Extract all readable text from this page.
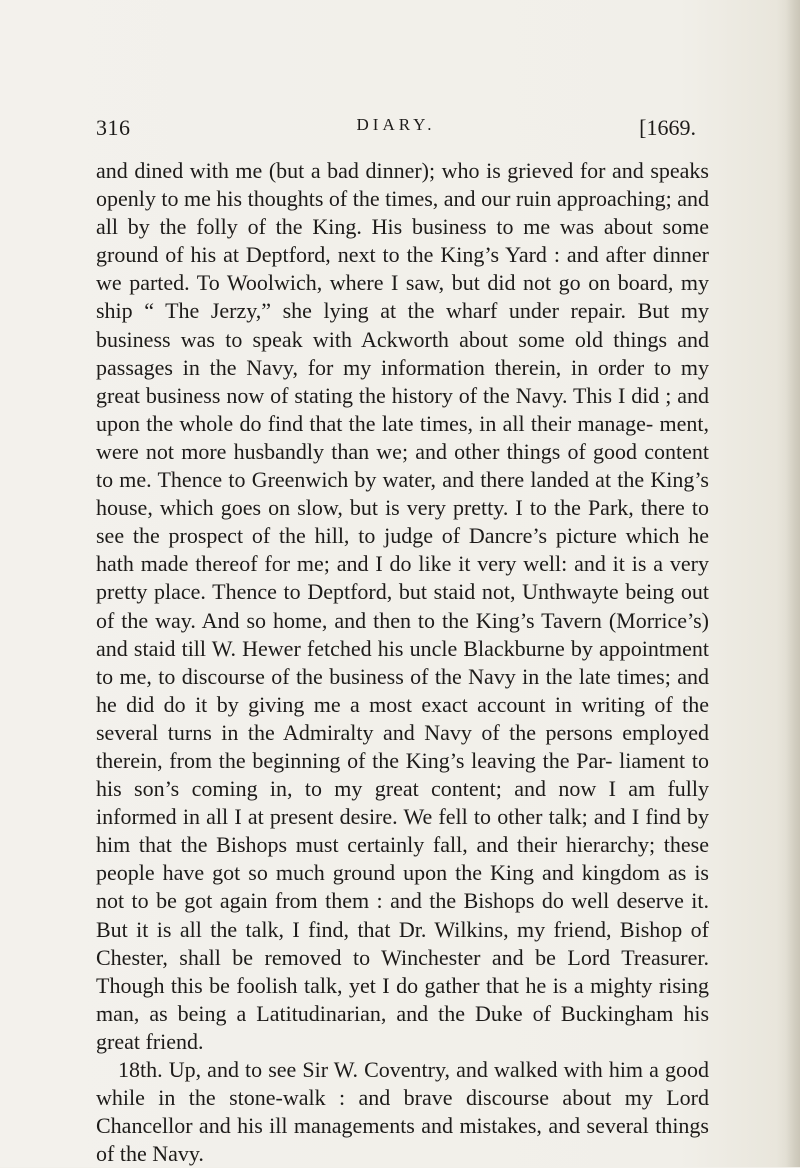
316	DIARY.	[1669.

and dined with me (but a bad dinner); who is grieved for and speaks openly to me his thoughts of the times, and our ruin approaching; and all by the folly of the King. His business to me was about some ground of his at Deptford, next to the King’s Yard : and after dinner we parted. To Woolwich, where I saw, but did not go on board, my ship “ The Jerzy,” she lying at the wharf under repair. But my business was to speak with Ackworth about some old things and passages in the Navy, for my information therein, in order to my great business now of stating the history of the Navy. This I did ; and upon the whole do find that the late times, in all their manage- ment, were not more husbandly than we; and other things of good content to me. Thence to Greenwich by water, and there landed at the King’s house, which goes on slow, but is very pretty. I to the Park, there to see the prospect of the hill, to judge of Dancre’s picture which he hath made thereof for me; and I do like it very well: and it is a very pretty place. Thence to Deptford, but staid not, Unthwayte being out of the way. And so home, and then to the King’s Tavern (Morrice’s) and staid till W. Hewer fetched his uncle Blackburne by appointment to me, to discourse of the business of the Navy in the late times; and he did do it by giving me a most exact account in writing of the several turns in the Admiralty and Navy of the persons employed therein, from the beginning of the King’s leaving the Par- liament to his son’s coming in, to my great content; and now I am fully informed in all I at present desire. We fell to other talk; and I find by him that the Bishops must certainly fall, and their hierarchy; these people have got so much ground upon the King and kingdom as is not to be got again from them : and the Bishops do well deserve it. But it is all the talk, I find, that Dr. Wilkins, my friend, Bishop of Chester, shall be removed to Winchester and be Lord Treasurer. Though this be foolish talk, yet I do gather that he is a mighty rising man, as being a Latitudinarian, and the Duke of Buckingham his great friend.

18th. Up, and to see Sir W. Coventry, and walked with him a good while in the stone-walk : and brave discourse about my Lord Chancellor and his ill managements and mistakes, and several things of the Navy.
